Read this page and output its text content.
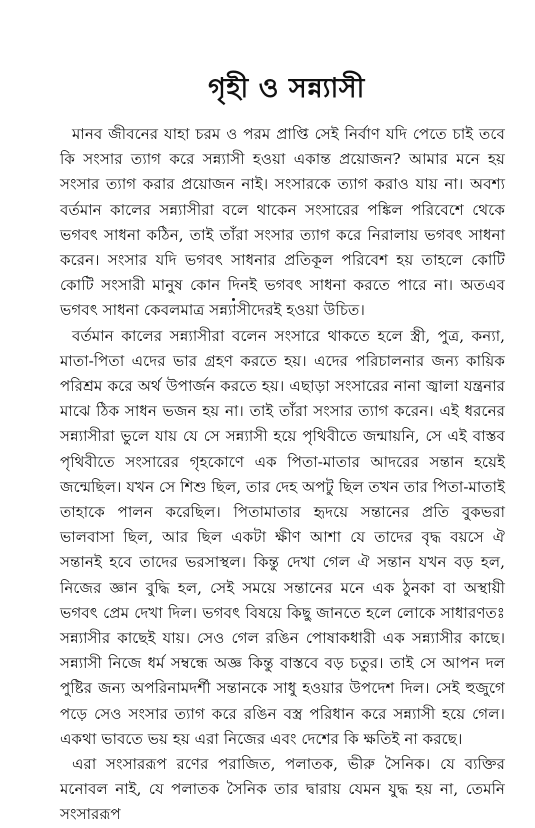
গৃহী ও সন্ন্যাসী

মানব জীবনের যাহা চরম ও পরম প্রাপ্তি সেই নির্বাণ যদি পেতে চাই তবে কি সংসার ত্যাগ করে সন্ন্যাসী হওয়া একান্ত প্রয়োজন? আমার মনে হয় সংসার ত্যাগ করার প্রয়োজন নাই। সংসারকে ত্যাগ করাও যায় না। অবশ্য বর্তমান কালের সন্ন্যাসীরা বলে থাকেন সংসারের পঙ্কিল পরিবেশে থেকে ভগবৎ সাধনা কঠিন, তাই তাঁরা সংসার ত্যাগ করে নিরালায় ভগবৎ সাধনা করেন। সংসার যদি ভগবৎ সাধনার প্রতিকূল পরিবেশ হয় তাহলে কোটি কোটি সংসারী মানুষ কোন দিনই ভগবৎ সাধনা করতে পারে না। অতএব ভগবৎ সাধনা কেবলমাত্র সন্ন্যাসীদেরই হওয়া উচিত।

বর্তমান কালের সন্ন্যাসীরা বলেন সংসারে থাকতে হলে স্ত্রী, পুত্র, কন্যা, মাতা-পিতা এদের ভার গ্রহণ করতে হয়। এদের পরিচালনার জন্য কায়িক পরিশ্রম করে অর্থ উপার্জন করতে হয়। এছাড়া সংসারের নানা জ্বালা যন্ত্রনার মাঝে ঠিক সাধন ভজন হয় না। তাই তাঁরা সংসার ত্যাগ করেন। এই ধরনের সন্ন্যাসীরা ভুলে যায় যে সে সন্ন্যাসী হয়ে পৃথিবীতে জন্মায়নি, সে এই বাস্তব পৃথিবীতে সংসারের গৃহকোণে এক পিতা-মাতার আদরের সন্তান হয়েই জন্মেছিল। যখন সে শিশু ছিল, তার দেহ অপটু ছিল তখন তার পিতা-মাতাই তাহাকে পালন করেছিল। পিতামাতার হৃদয়ে সন্তানের প্রতি বুকভরা ভালবাসা ছিল, আর ছিল একটা ক্ষীণ আশা যে তাদের বৃদ্ধ বয়সে ঐ সন্তানই হবে তাদের ভরসাস্থল। কিন্তু দেখা গেল ঐ সন্তান যখন বড় হল, নিজের জ্ঞান বুদ্ধি হল, সেই সময়ে সন্তানের মনে এক ঠুনকা বা অস্থায়ী ভগবৎ প্রেম দেখা দিল। ভগবৎ বিষয়ে কিছু জানতে হলে লোকে সাধারণতঃ সন্ন্যাসীর কাছেই যায়। সেও গেল রঙিন পোষাকধারী এক সন্ন্যাসীর কাছে। সন্ন্যাসী নিজে ধর্ম সম্বন্ধে অজ্ঞ কিন্তু বাস্তবে বড় চতুর। তাই সে আপন দল পুষ্টির জন্য অপরিনামদর্শী সন্তানকে সাধু হওয়ার উপদেশ দিল। সেই হুজুগে পড়ে সেও সংসার ত্যাগ করে রঙিন বস্ত্র পরিধান করে সন্ন্যাসী হয়ে গেল। একথা ভাবতে ভয় হয় এরা নিজের এবং দেশের কি ক্ষতিই না করছে।

এরা সংসাররূপ রণের পরাজিত, পলাতক, ভীরু সৈনিক। যে ব্যক্তির মনোবল নাই, যে পলাতক সৈনিক তার দ্বারায় যেমন যুদ্ধ হয় না, তেমনি সংসাররূপ
